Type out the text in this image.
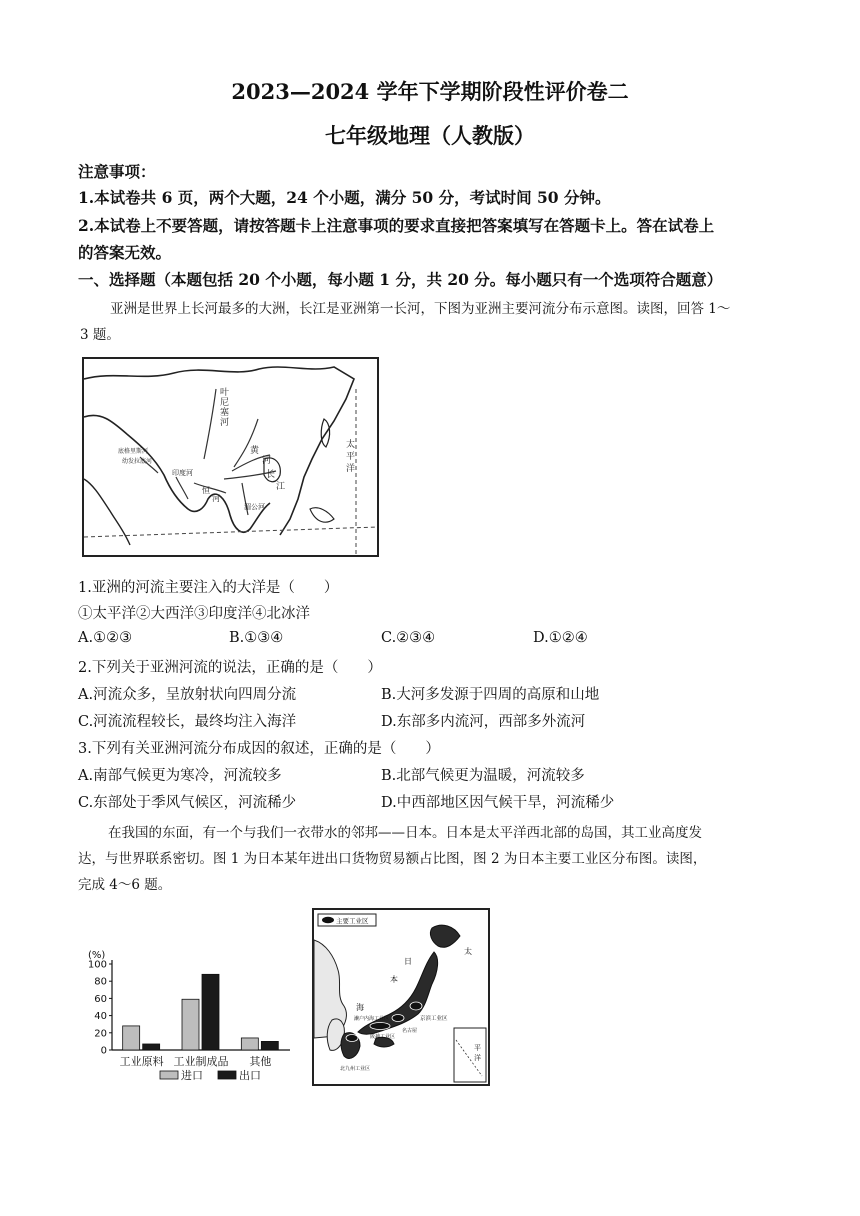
2023—2024 学年下学期阶段性评价卷二
七年级地理（人教版）
注意事项：
1.本试卷共 6 页，两个大题，24 个小题，满分 50 分，考试时间 50 分钟。
2.本试卷上不要答题，请按答题卡上注意事项的要求直接把答案填写在答题卡上。答在试卷上
的答案无效。
一、选择题（本题包括 20 个小题，每小题 1 分，共 20 分。每小题只有一个选项符合题意）
亚洲是世界上长河最多的大洲，长江是亚洲第一长河，下图为亚洲主要河流分布示意图。读图，回答 1～
3 题。
叶
尼
塞
河
长
江
黄
河
恒
河
湄公河
印度河
底格里斯河
幼发拉底河
太
平
洋
1.亚洲的河流主要注入的大洋是（　　）
①太平洋②大西洋③印度洋④北冰洋
A.①②③	B.①③④	C.②③④	D.①②④
2.下列关于亚洲河流的说法，正确的是（　　）
A.河流众多，呈放射状向四周分流	B.大河多发源于四周的高原和山地
C.河流流程较长，最终均注入海洋	D.东部多内流河，西部多外流河
3.下列有关亚洲河流分布成因的叙述，正确的是（　　）
A.南部气候更为寒冷，河流较多	B.北部气候更为温暖，河流较多
C.东部处于季风气候区，河流稀少	D.中西部地区因气候干旱，河流稀少
在我国的东面，有一个与我们一衣带水的邻邦——日本。日本是太平洋西北部的岛国，其工业高度发
达，与世界联系密切。图 1 为日本某年进出口货物贸易额占比图，图 2 为日本主要工业区分布图。读图，
完成 4～6 题。
(%)
0
20
40
60
80
100
工业原料 工业制成品 其他
进口	出口
主要工业区
日
本
海
太
平
洋
濑户内海工业区
阪神工业区
京滨工业区
北九州工业区
名古屋
